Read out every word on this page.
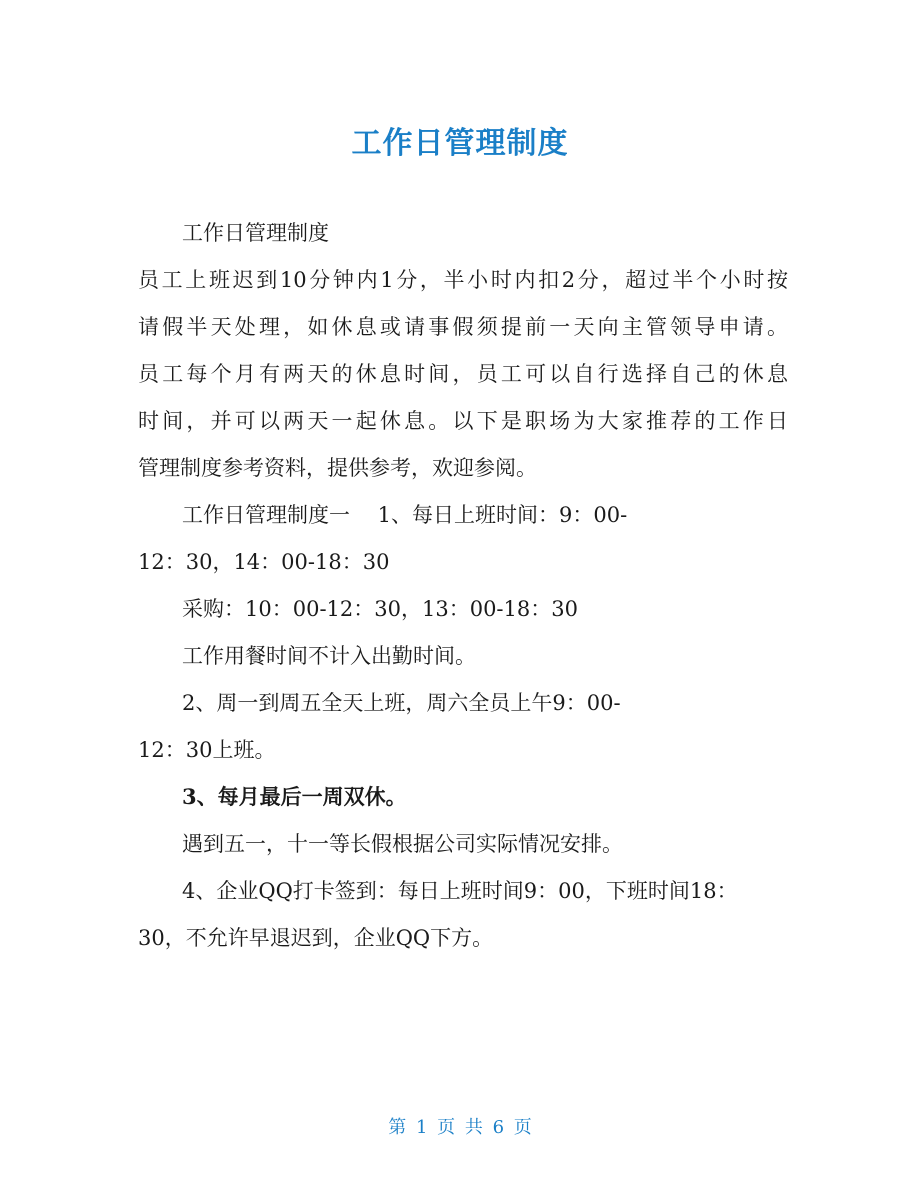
工作日管理制度
工作日管理制度
员工上班迟到10分钟内1分，半小时内扣2分，超过半个小时按
请假半天处理，如休息或请事假须提前一天向主管领导申请。
员工每个月有两天的休息时间，员工可以自行选择自己的休息
时间，并可以两天一起休息。以下是职场为大家推荐的工作日
管理制度参考资料，提供参考，欢迎参阅。
工作日管理制度一　 1、每日上班时间：9：00-
12：30，14：00-18：30
采购：10：00-12：30，13：00-18：30
工作用餐时间不计入出勤时间。
2、周一到周五全天上班，周六全员上午9：00-
12：30上班。
3、每月最后一周双休。
遇到五一，十一等长假根据公司实际情况安排。
4、企业QQ打卡签到：每日上班时间9：00，下班时间18：
30，不允许早退迟到，企业QQ下方。
第 1 页 共 6 页
